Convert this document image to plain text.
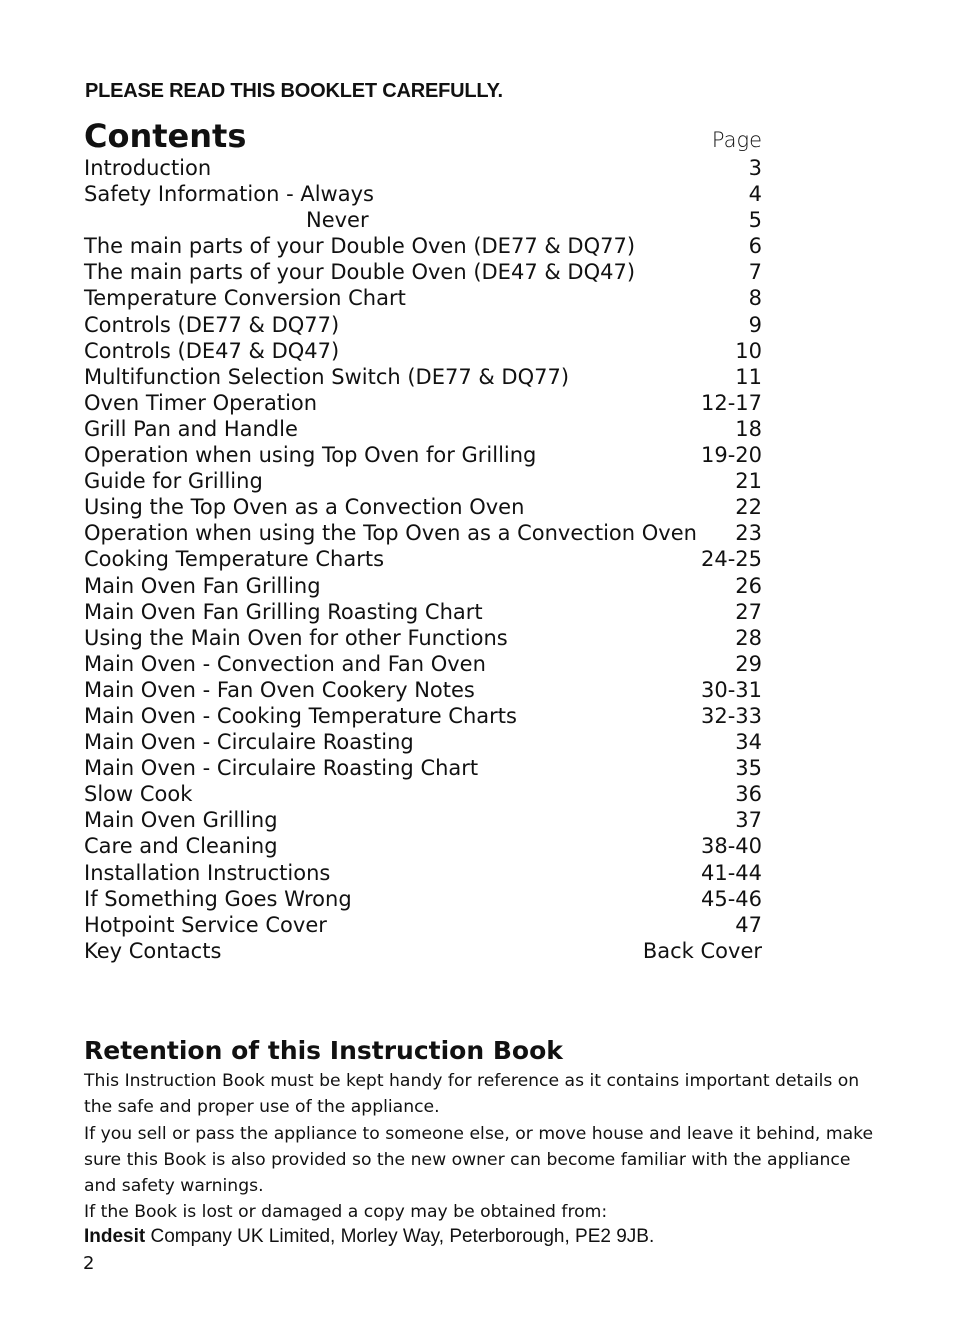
PLEASE READ THIS BOOKLET CAREFULLY.
Contents	Page
Introduction	3
Safety Information - Always	4
Never	5
The main parts of your Double Oven (DE77 & DQ77)	6
The main parts of your Double Oven (DE47 & DQ47)	7
Temperature Conversion Chart	8
Controls (DE77 & DQ77)	9
Controls (DE47 & DQ47)	10
Multifunction Selection Switch (DE77 & DQ77)	11
Oven Timer Operation	12-17
Grill Pan and Handle	18
Operation when using Top Oven for Grilling	19-20
Guide for Grilling	21
Using the Top Oven as a Convection Oven	22
Operation when using the Top Oven as a Convection Oven 23
Cooking Temperature Charts	24-25
Main Oven Fan Grilling	26
Main Oven Fan Grilling Roasting Chart	27
Using the Main Oven for other Functions	28
Main Oven - Convection and Fan Oven	29
Main Oven - Fan Oven Cookery Notes	30-31
Main Oven - Cooking Temperature Charts	32-33
Main Oven - Circulaire Roasting	34
Main Oven - Circulaire Roasting Chart	35
Slow Cook	36
Main Oven Grilling	37
Care and Cleaning	38-40
Installation Instructions	41-44
If Something Goes Wrong	45-46
Hotpoint Service Cover	47
Key Contacts	Back Cover
Retention of this Instruction Book

This Instruction Book must be kept handy for reference as it contains important details on the safe and proper use of the appliance.

If you sell or pass the appliance to someone else, or move house and leave it behind, make sure this Book is also provided so the new owner can become familiar with the appliance and safety warnings.

If the Book is lost or damaged a copy may be obtained from:

Indesit Company UK Limited, Morley Way, Peterborough, PE2 9JB.
2
